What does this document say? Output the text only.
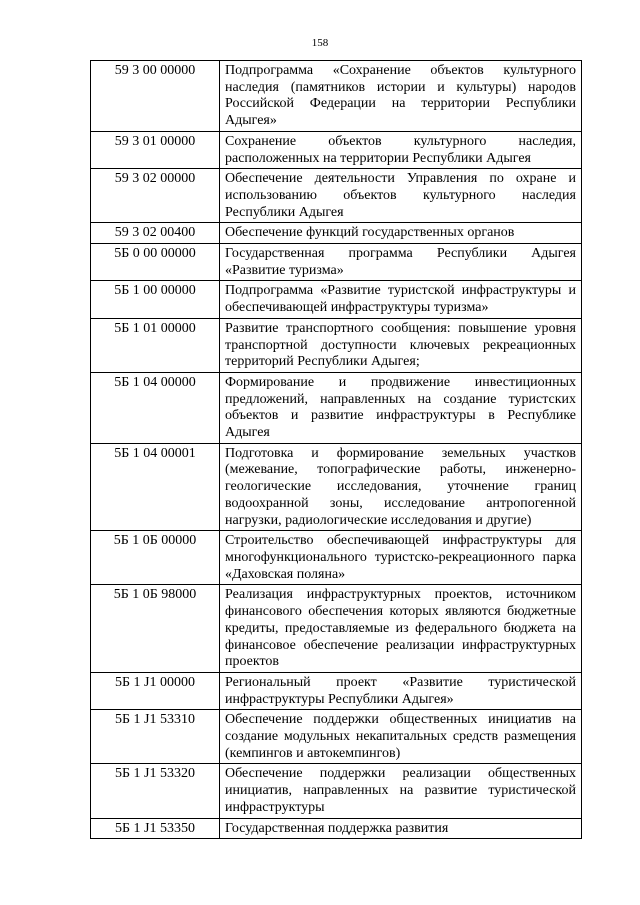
158
59 3 00 00000	Подпрограмма «Сохранение объектов культурного наследия (памятников истории и культуры) народов Российской Федерации на территории Республики Адыгея»
59 3 01 00000	Сохранение объектов культурного наследия, расположенных на территории Республики Адыгея
59 3 02 00000	Обеспечение деятельности Управления по охране и использованию объектов культурного наследия Республики Адыгея
59 3 02 00400	Обеспечение функций государственных органов
5Б 0 00 00000	Государственная программа Республики Адыгея «Развитие туризма»
5Б 1 00 00000	Подпрограмма «Развитие туристской инфраструктуры и обеспечивающей инфраструктуры туризма»
5Б 1 01 00000	Развитие транспортного сообщения: повышение уровня транспортной доступности ключевых рекреационных территорий Республики Адыгея;
5Б 1 04 00000	Формирование и продвижение инвестиционных предложений, направленных на создание туристских объектов и развитие инфраструктуры в Республике Адыгея
5Б 1 04 00001	Подготовка и формирование земельных участков (межевание, топографические работы, инженерно-геологические исследования, уточнение границ водоохранной зоны, исследование антропогенной нагрузки, радиологические исследования и другие)
5Б 1 0Б 00000	Строительство обеспечивающей инфраструктуры для многофункционального туристско-рекреационного парка «Даховская поляна»
5Б 1 0Б 98000	Реализация инфраструктурных проектов, источником финансового обеспечения которых являются бюджетные кредиты, предоставляемые из федерального бюджета на финансовое обеспечение реализации инфраструктурных проектов
5Б 1 J1 00000	Региональный проект «Развитие туристической инфраструктуры Республики Адыгея»
5Б 1 J1 53310	Обеспечение поддержки общественных инициатив на создание модульных некапитальных средств размещения (кемпингов и автокемпингов)
5Б 1 J1 53320	Обеспечение поддержки реализации общественных инициатив, направленных на развитие туристической инфраструктуры
5Б 1 J1 53350	Государственная поддержка развития
